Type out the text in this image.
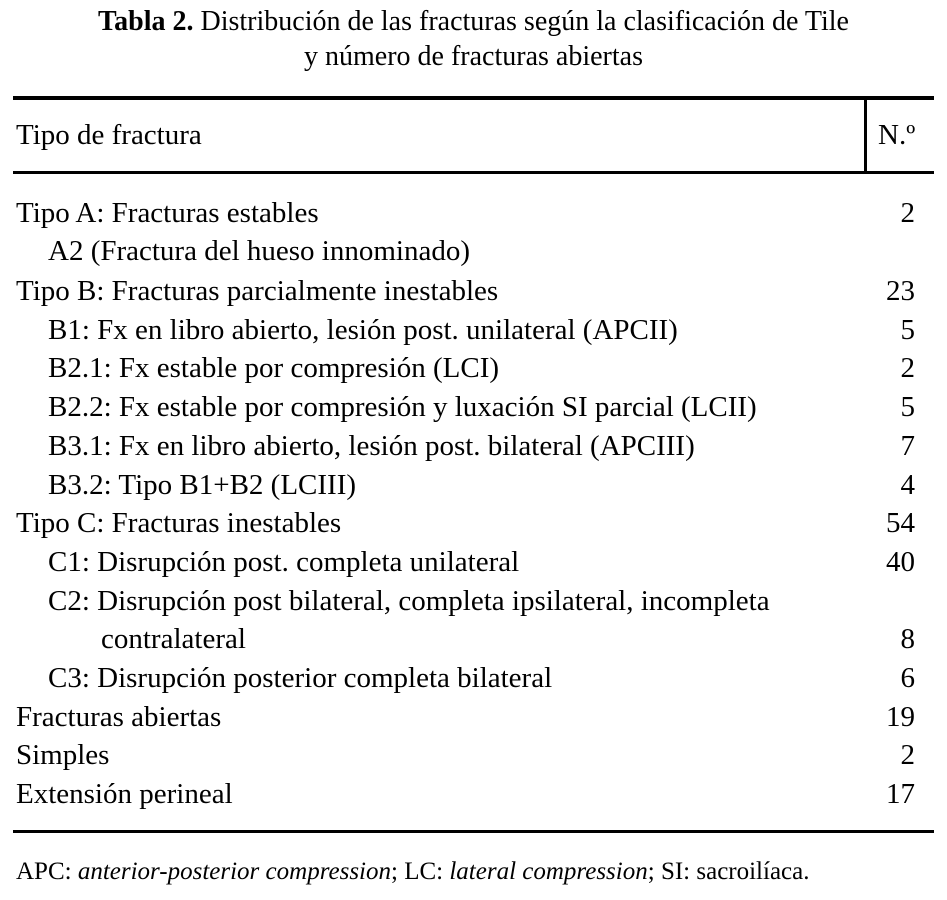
Tabla 2. Distribución de las fracturas según la clasificación de Tile
y número de fracturas abiertas
Tipo de fractura	N.º
Tipo A: Fracturas estables	2
A2 (Fractura del hueso innominado)
Tipo B: Fracturas parcialmente inestables	23
B1: Fx en libro abierto, lesión post. unilateral (APCII)	5
B2.1: Fx estable por compresión (LCI)	2
B2.2: Fx estable por compresión y luxación SI parcial (LCII)	5
B3.1: Fx en libro abierto, lesión post. bilateral (APCIII)	7
B3.2: Tipo B1+B2 (LCIII)	4
Tipo C: Fracturas inestables	54
C1: Disrupción post. completa unilateral	40
C2: Disrupción post bilateral, completa ipsilateral, incompleta
contralateral	8
C3: Disrupción posterior completa bilateral	6
Fracturas abiertas	19
Simples	2
Extensión perineal	17
APC: anterior-posterior compression; LC: lateral compression; SI: sacroilíaca.
